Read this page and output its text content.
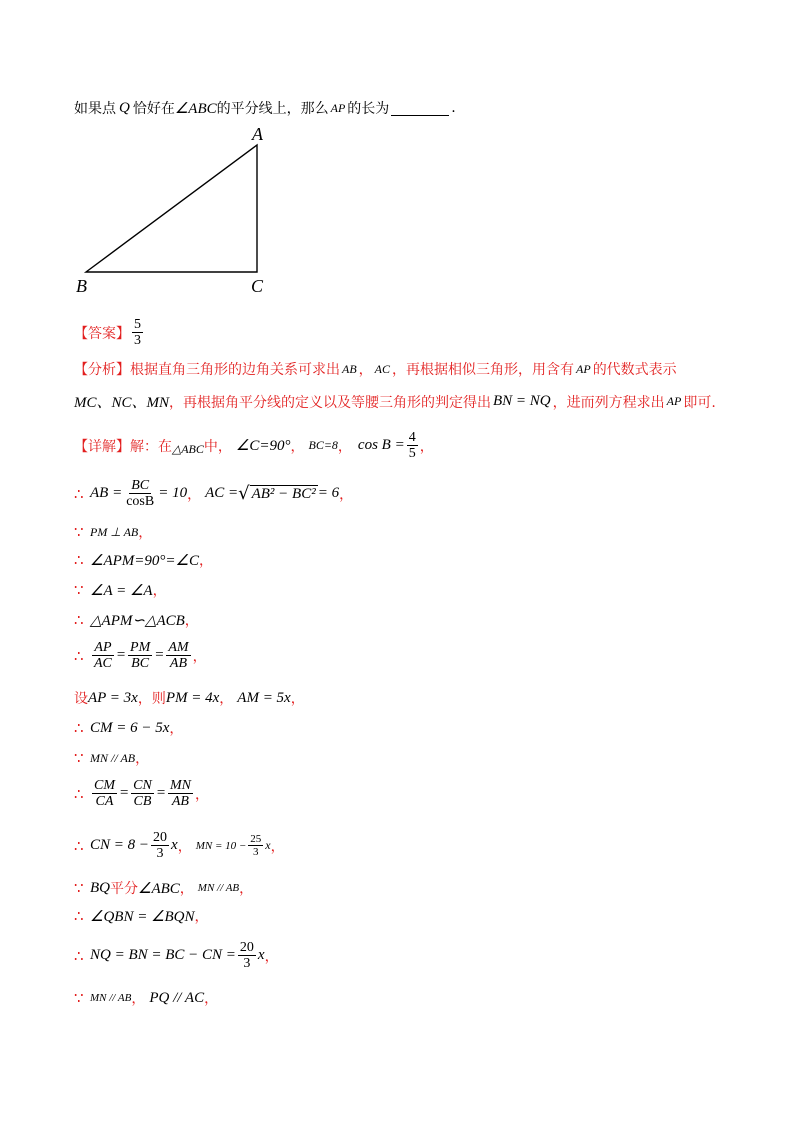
如果点 Q 恰好在 ∠ABC 的平分线上，那么 AP 的长为	.
A
B	C
【答案】 $\frac{5}{3}$
【分析】 根据直角三角形的边角关系可求出 AB ， AC ，再根据相似三角形，用含有 AP 的代数式表示
MC、NC、MN ，再根据角平分线的定义以及等腰三角形的判定得出 BN = NQ ，进而列方程求出 AP 即可.
【详解】 解：在 △ABC 中， ∠C=90° ， BC=8 ， $\cos B = \frac{4}{5}$ ，
∴ AB = $\frac{BC}{\cos B} = 10$ ， AC = √ AB² − BC² = 6 ，
∵ PM ⊥ AB ，
∴ ∠APM=90°=∠C ，
∵ ∠A = ∠A ，
∴ △APM∽△ACB ，
∴ $\frac{AP}{AC} = \frac{PM}{BC} = \frac{AM}{AB}$ ，
设 AP = 3x ，则 PM = 4x ， AM = 5x ，
∴ CM = 6 − 5x ，
∵ MN // AB ，
∴ $\frac{CM}{CA} = \frac{CN}{CB} = \frac{MN}{AB}$ ，
∴ CN = $8 - \frac{20}{3}$ x ， MN = $10 - \frac{25}{3}$ x ，
∵ BQ 平分 ∠ABC ， MN // AB ，
∴ ∠QBN = ∠BQN ，
∴ NQ = BN = BC − CN = $\frac{20}{3}$ x ，
∵ MN // AB ， PQ // AC ，
